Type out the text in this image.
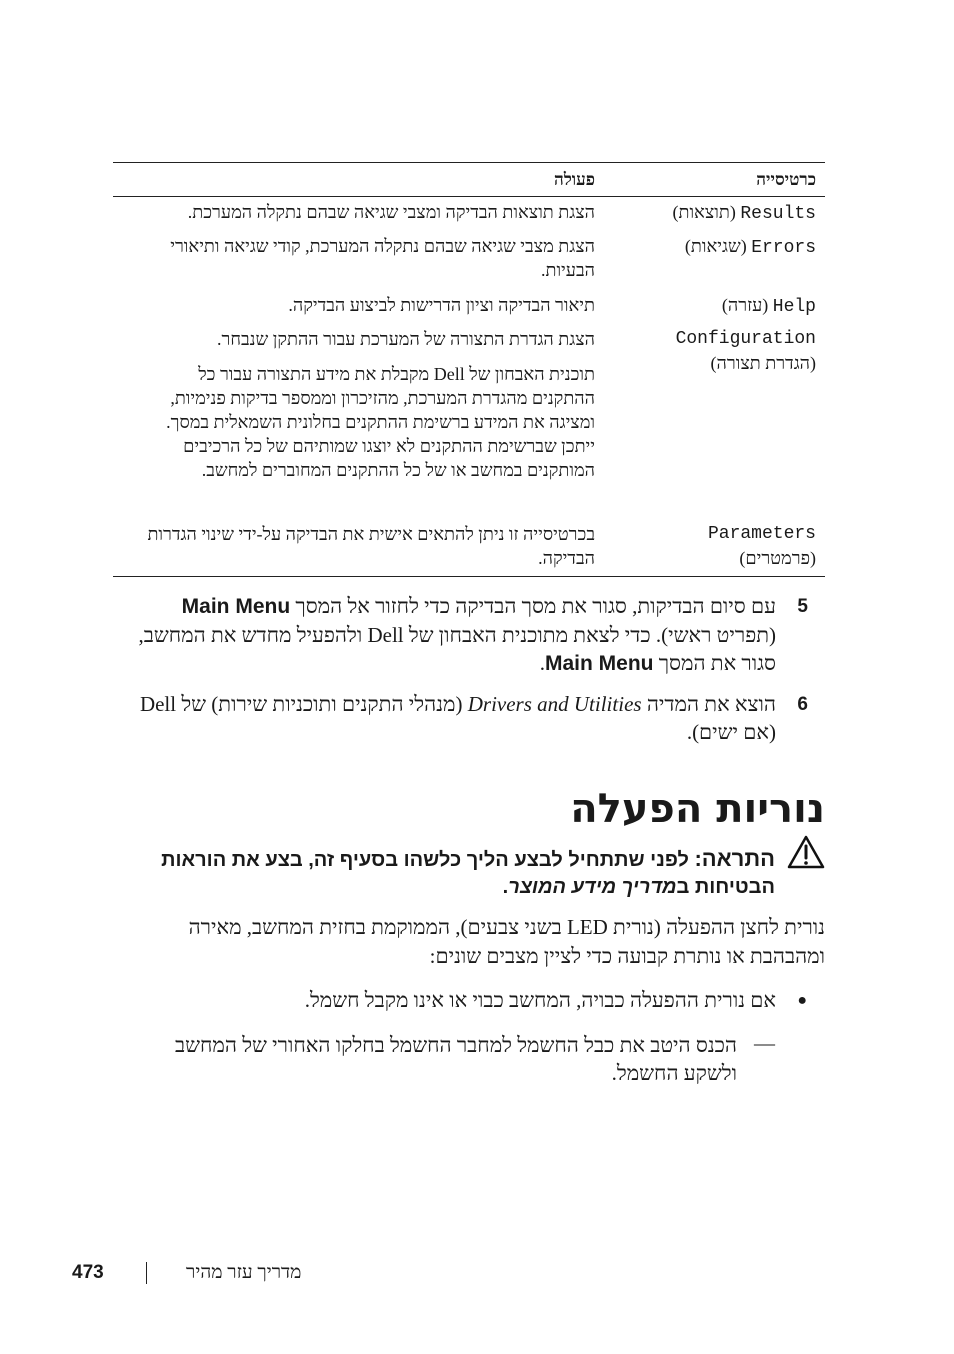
כרטיסייה
פעולה
Results (תוצאות)
הצגת תוצאות הבדיקה ומצבי שגיאה שבהם נתקלה המערכת.
Errors (שגיאות)
הצגת מצבי שגיאה שבהם נתקלה המערכת, קודי שגיאה ותיאורי הבעיות.
Help (עזרה)
תיאור הבדיקה וציון הדרישות לביצוע הבדיקה.
Configuration
(הגדרת תצורה)
הצגת הגדרת התצורה של המערכת עבור ההתקן שנבחר.
תוכנית האבחון של Dell מקבלת את מידע התצורה עבור כל ההתקנים מהגדרת המערכת, מהזיכרון וממספר בדיקות פנימיות, ומציגה את המידע ברשימת ההתקנים בחלונית השמאלית במסך. ייתכן שברשימת ההתקנים לא יוצגו שמותיהם של כל הרכיבים המותקנים במחשב או של כל ההתקנים המחוברים למחשב.
Parameters
(פרמטרים)
בכרטיסייה זו ניתן להתאים אישית את הבדיקה על-ידי שינוי הגדרות הבדיקה.
5
עם סיום הבדיקות, סגור את מסך הבדיקה כדי לחזור אל המסך Main Menu (תפריט ראשי). כדי לצאת מתוכנית האבחון של Dell ולהפעיל מחדש את המחשב, סגור את המסך Main Menu.
6
הוצא את המדיה Drivers and Utilities (מנהלי התקנים ותוכניות שירות) של Dell (אם ישים).
נוריות הפעלה
התראה: לפני שתתחיל לבצע הליך כלשהו בסעיף זה, בצע את הוראות הבטיחות במדריך מידע המוצר.
נורית לחצן ההפעלה (נורית LED בשני צבעים), הממוקמת בחזית המחשב, מאירה ומהבהבת או נותרת קבועה כדי לציין מצבים שונים:
●
אם נורית ההפעלה כבויה, המחשב כבוי או אינו מקבל חשמל.
—
הכנס היטב את כבל החשמל למחבר החשמל בחלקו האחורי של המחשב ולשקע החשמל.
473	מדריך עזר מהיר
